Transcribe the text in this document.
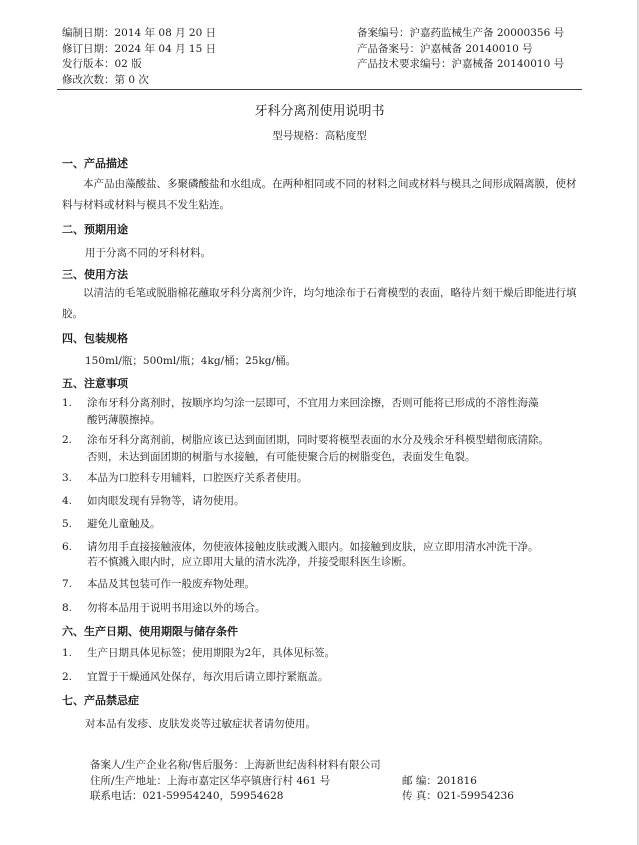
编制日期：2014 年 08 月 20 日
修订日期：2024 年 04 月 15 日
发行版本：02 版
修改次数：第 0 次
备案编号：沪嘉药监械生产备 20000356 号
产品备案号：沪嘉械备 20140010 号
产品技术要求编号：沪嘉械备 20140010 号
牙科分离剂使用说明书
型号规格：高粘度型
一、产品描述
本产品由藻酸盐、多聚磷酸盐和水组成。在两种相同或不同的材料之间或材料与模具之间形成隔离膜，使材料与材料或材料与模具不发生粘连。
二、预期用途
用于分离不同的牙科材料。
三、使用方法
以清洁的毛笔或脱脂棉花蘸取牙科分离剂少许，均匀地涂布于石膏模型的表面，略待片刻干燥后即能进行填胶。
四、包装规格
150ml/瓶；500ml/瓶；4kg/桶；25kg/桶。
五、注意事项
1. 涂布牙科分离剂时，按顺序均匀涂一层即可，不宜用力来回涂擦，否则可能将已形成的不溶性海藻
酸钙薄膜擦掉。
2. 涂布牙科分离剂前，树脂应该已达到面团期，同时要将模型表面的水分及残余牙科模型蜡彻底清除。
否则，未达到面团期的树脂与水接触，有可能使聚合后的树脂变色，表面发生龟裂。
3. 本品为口腔科专用辅料，口腔医疗关系者使用。
4. 如肉眼发现有异物等，请勿使用。
5. 避免儿童触及。
6. 请勿用手直接接触液体，勿使液体接触皮肤或溅入眼内。如接触到皮肤，应立即用清水冲洗干净。
若不慎溅入眼内时，应立即用大量的清水洗净，并接受眼科医生诊断。
7. 本品及其包装可作一般废弃物处理。
8. 勿将本品用于说明书用途以外的场合。
六、生产日期、使用期限与储存条件
1. 生产日期具体见标签；使用期限为2年，具体见标签。
2. 宜置于干燥通风处保存，每次用后请立即拧紧瓶盖。
七、产品禁忌症
对本品有发疹、皮肤发炎等过敏症状者请勿使用。
备案人/生产企业名称/售后服务：上海新世纪齿科材料有限公司
住所/生产地址：上海市嘉定区华亭镇唐行村 461 号	邮 编：201816
联系电话：021-59954240，59954628	传 真：021-59954236
